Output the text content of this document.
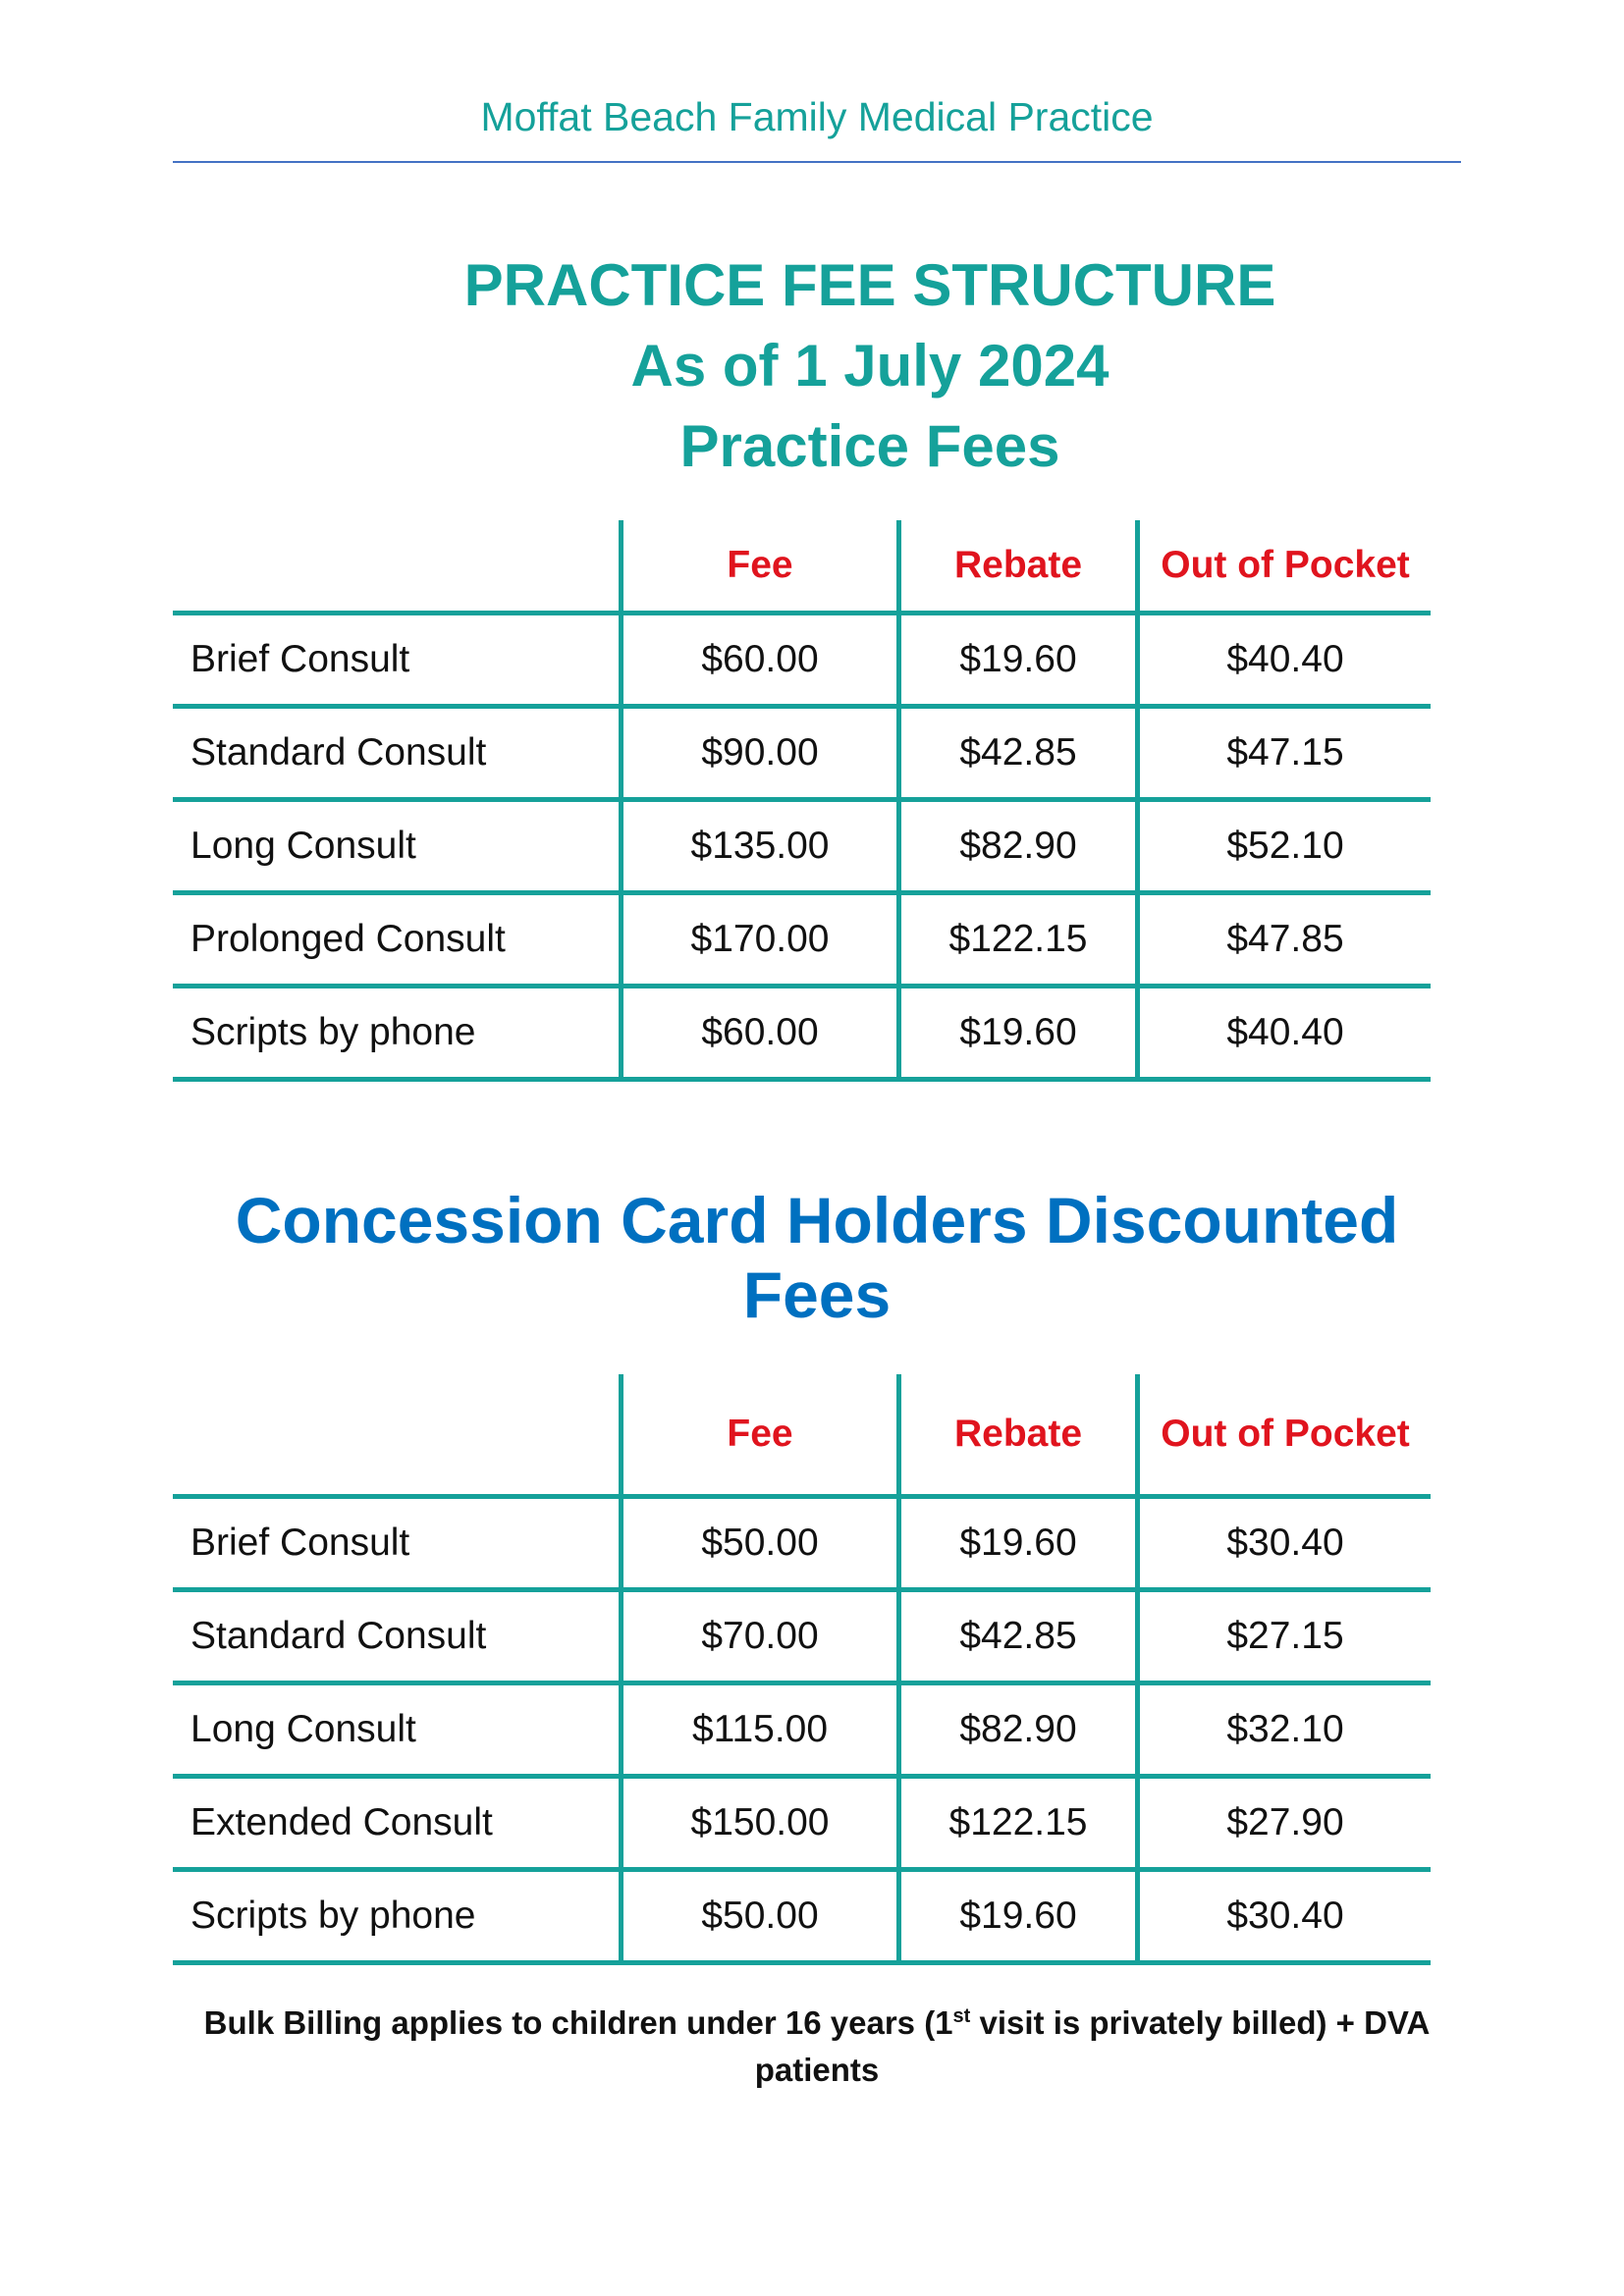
Moffat Beach Family Medical Practice
PRACTICE FEE STRUCTURE
As of 1 July 2024
Practice Fees
	Fee	Rebate	Out of Pocket
Brief Consult	$60.00	$19.60	$40.40
Standard Consult	$90.00	$42.85	$47.15
Long Consult	$135.00	$82.90	$52.10
Prolonged Consult	$170.00	$122.15	$47.85
Scripts by phone	$60.00	$19.60	$40.40
Concession Card Holders Discounted Fees
	Fee	Rebate	Out of Pocket
Brief Consult	$50.00	$19.60	$30.40
Standard Consult	$70.00	$42.85	$27.15
Long Consult	$115.00	$82.90	$32.10
Extended Consult	$150.00	$122.15	$27.90
Scripts by phone	$50.00	$19.60	$30.40
Bulk Billing applies to children under 16 years (1st visit is privately billed) + DVA patients
